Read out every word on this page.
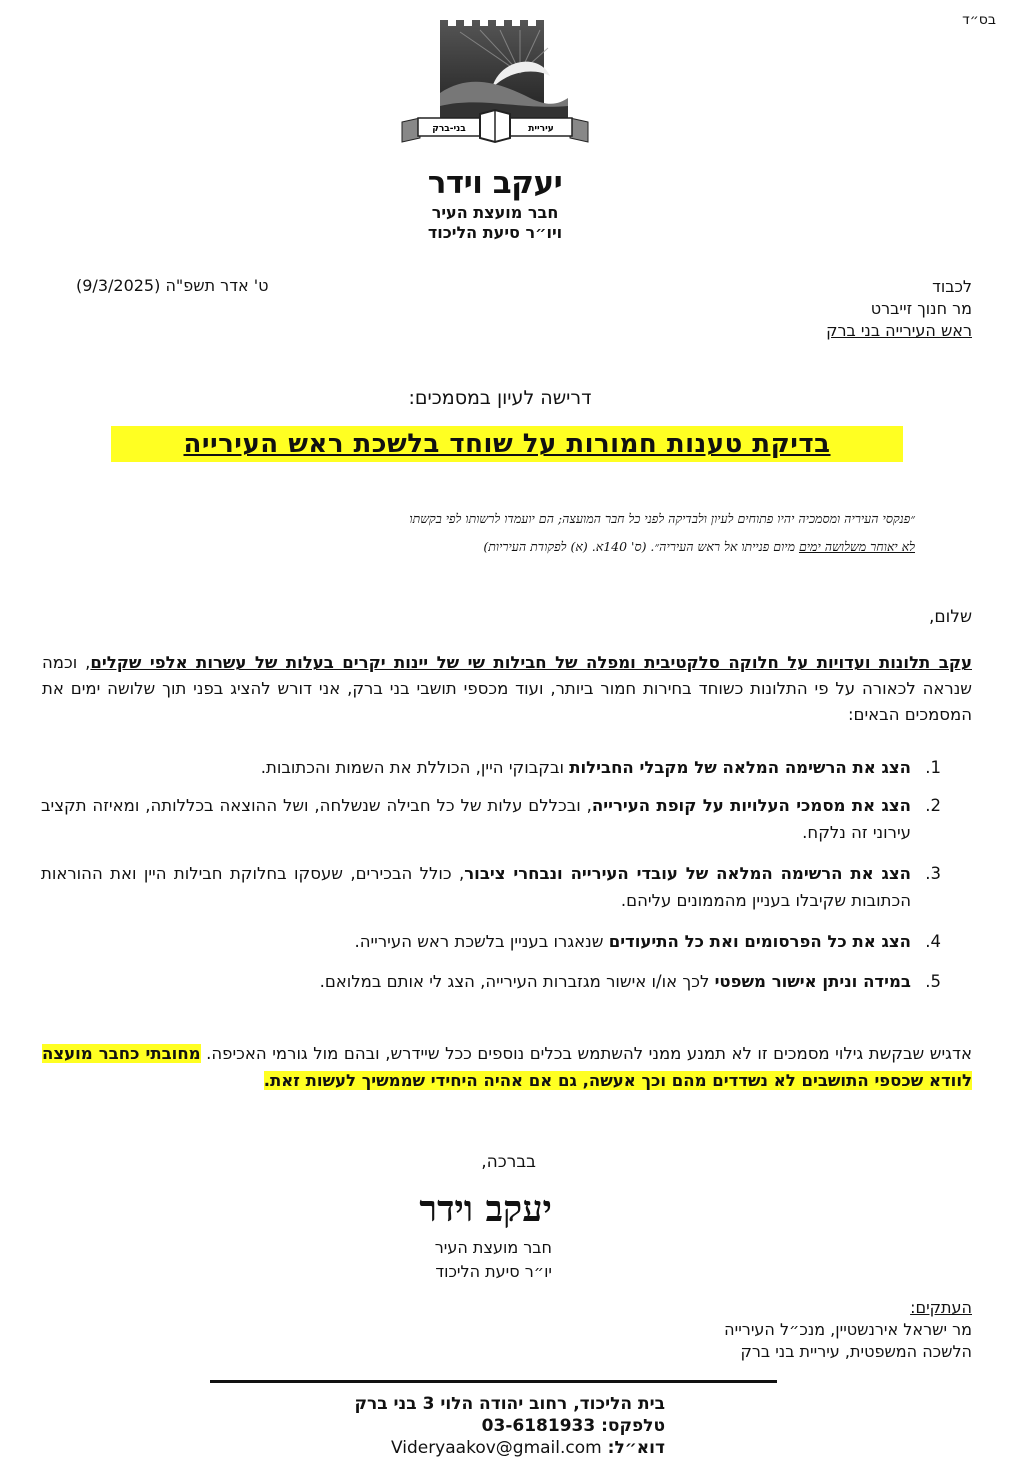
בס״ד
בני-ברק	עיריית
יעקב וידר
חבר מועצת העיר
ויו״ר סיעת הליכוד
ט' אדר תשפ"ה (9/3/2025)	לכבוד
מר חנוך זייברט
ראש העירייה בני ברק
דרישה לעיון במסמכים:
בדיקת טענות חמורות על שוחד בלשכת ראש העירייה
״פנקסי העיריה ומסמכיה יהיו פתוחים לעיון ולבדיקה לפני כל חבר המועצה; הם יועמדו לרשותו לפי בקשתו
לא יאוחר משלושה ימים מיום פנייתו אל ראש העיריה״. (ס' 140א. (א) לפקודת העיריות)
שלום,
עקב תלונות ועדויות על חלוקה סלקטיבית ומפלה של חבילות שי של יינות יקרים בעלות של עשרות אלפי שקלים, וכמה שנראה לכאורה על פי התלונות כשוחד בחירות חמור ביותר, ועוד מכספי תושבי בני ברק, אני דורש להציג בפני תוך שלושה ימים את המסמכים הבאים:
1.
הצג את הרשימה המלאה של מקבלי החבילות ובקבוקי היין, הכוללת את השמות והכתובות.
2.
הצג את מסמכי העלויות על קופת העירייה, ובכללם עלות של כל חבילה שנשלחה, ושל ההוצאה בכללותה, ומאיזה תקציב עירוני זה נלקח.
3.
הצג את הרשימה המלאה של עובדי העירייה ונבחרי ציבור, כולל הבכירים, שעסקו בחלוקת חבילות היין ואת ההוראות הכתובות שקיבלו בעניין מהממונים עליהם.
4.
הצג את כל הפרסומים ואת כל התיעודים שנאגרו בעניין בלשכת ראש העירייה.
5.
במידה וניתן אישור משפטי לכך או/ו אישור מגזברות העירייה, הצג לי אותם במלואם.
אדגיש שבקשת גילוי מסמכים זו לא תמנע ממני להשתמש בכלים נוספים ככל שיידרש, ובהם מול גורמי האכיפה. מחובתי כחבר מועצה לוודא שכספי התושבים לא נשדדים מהם וכך אעשה, גם אם אהיה היחידי שממשיך לעשות זאת.
בברכה,
יעקב וידר
חבר מועצת העיר
יו״ר סיעת הליכוד
העתקים:
מר ישראל אירנשטיין, מנכ״ל העירייה
הלשכה המשפטית, עיריית בני ברק
בית הליכוד, רחוב יהודה הלוי 3 בני ברק
טלפקס: 03-6181933
דוא״ל: Videryaakov@gmail.com
